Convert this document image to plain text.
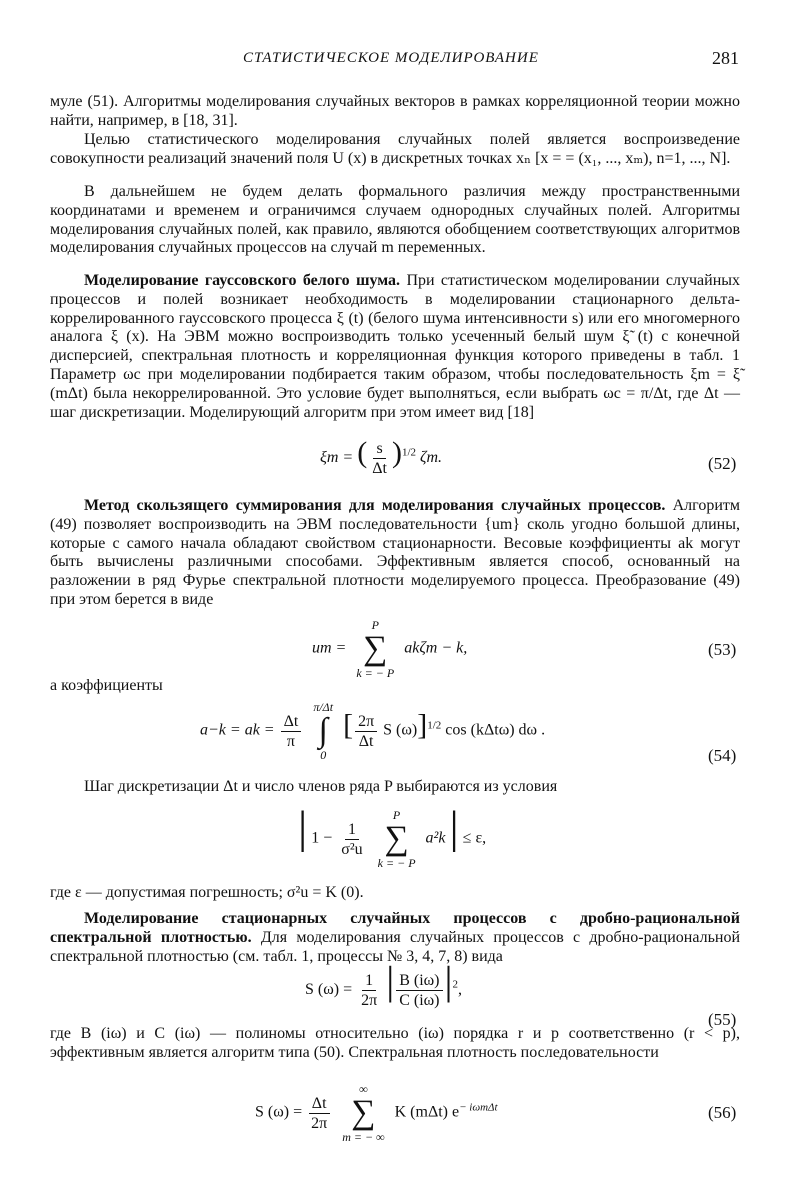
СТАТИСТИЧЕСКОЕ МОДЕЛИРОВАНИЕ	281
муле (51). Алгоритмы моделирования случайных векторов в рамках корреляционной теории можно найти, например, в [18, 31].
Целью статистического моделирования случайных полей является воспроизведение совокупности реализаций значений поля U (x) в дискретных точках xₙ [x = = (x₁, ..., xₘ), n=1, ..., N].
В дальнейшем не будем делать формального различия между пространственными координатами и временем и ограничимся случаем однородных случайных полей. Алгоритмы моделирования случайных полей, как правило, являются обобщением соответствующих алгоритмов моделирования случайных процессов на случай m переменных.
Моделирование гауссовского белого шума. При статистическом моделировании случайных процессов и полей возникает необходимость в моделировании стационарного дельта-коррелированного гауссовского процесса ξ (t) (белого шума интенсивности s) или его многомерного аналога ξ (x). На ЭВМ можно воспроизводить только усеченный белый шум ξ̃ (t) с конечной дисперсией, спектральная плотность и корреляционная функция которого приведены в табл. 1 Параметр ωc при моделировании подбирается таким образом, чтобы последовательность ξm = ξ̃ (mΔt) была некоррелированной. Это условие будет выполняться, если выбрать ωc = π/Δt, где Δt — шаг дискретизации. Моделирующий алгоритм при этом имеет вид [18]
ξm = ( $\frac{s}{\Delta t} )^{1/2}$ ζm.	(52)
Метод скользящего суммирования для моделирования случайных процессов. Алгоритм (49) позволяет воспроизводить на ЭВМ последовательности {um} сколь угодно большой длины, которые с самого начала обладают свойством стационарности. Весовые коэффициенты ak могут быть вычислены различными способами. Эффективным является способ, основанный на разложении в ряд Фурье спектральной плотности моделируемого процесса. Преобразование (49) при этом берется в виде
um =
P
∑
k = − P
akζm − k,	(53)
а коэффициенты
a−k = ak = $\frac{\Delta t}{\pi}$

π/Δt
∫
0
[ $\frac{2\pi}{\Delta t}$ S (ω)]$^{1/2}$ cos (kΔtω) dω .
(54)
Шаг дискретизации Δt и число членов ряда P выбираются из условия
| $1 - \frac{1}{\text{σ²u}}$

P
∑
k = − P
a²k | ≤ ε,
где ε — допустимая погрешность; σ²u = K (0).
Моделирование стационарных случайных процессов с дробно-рациональной спектральной плотностью. Для моделирования случайных процессов с дробно-рациональной спектральной плотностью (см. табл. 1, процессы № 3, 4, 7, 8) вида
S $(\omega) = \frac{1}{2\pi}$ | $\frac{B (i\omega)}{C (i\omega)} |^2$,
(55)
где B (iω) и C (iω) — полиномы относительно (iω) порядка r и p соответственно (r < p), эффективным является алгоритм типа (50). Спектральная плотность последовательности
S $(\omega) = \frac{\Delta t}{2\pi}$

∞
∑
m = − ∞
K (mΔt) $e^{- i\omega m\Delta t}$	(56)
